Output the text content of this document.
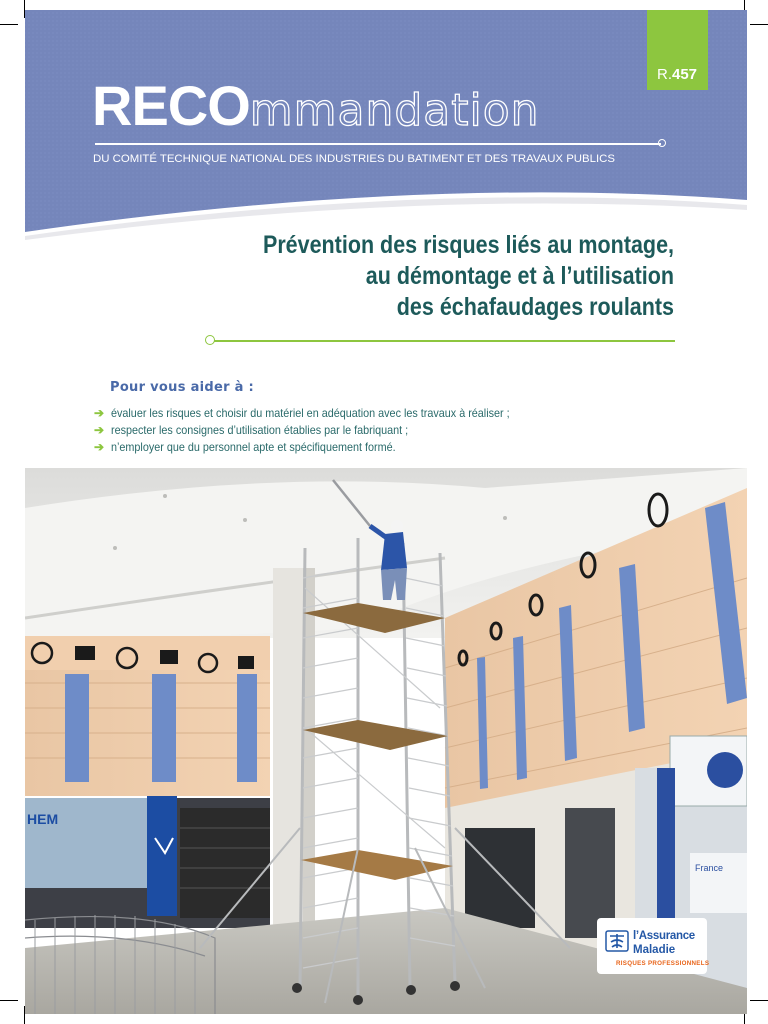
R.457
RECOmmandation
DU COMITÉ TECHNIQUE NATIONAL DES INDUSTRIES DU BATIMENT ET DES TRAVAUX PUBLICS
Prévention des risques liés au montage,
au démontage et à l’utilisation
des échafaudages roulants
Pour vous aider à :
➔ évaluer les risques et choisir du matériel en adéquation avec les travaux à réaliser ;
➔ respecter les consignes d’utilisation établies par le fabriquant ;
➔ n’employer que du personnel apte et spécifiquement formé.
HEM
France
l’Assurance
Maladie
RISQUES PROFESSIONNELS
